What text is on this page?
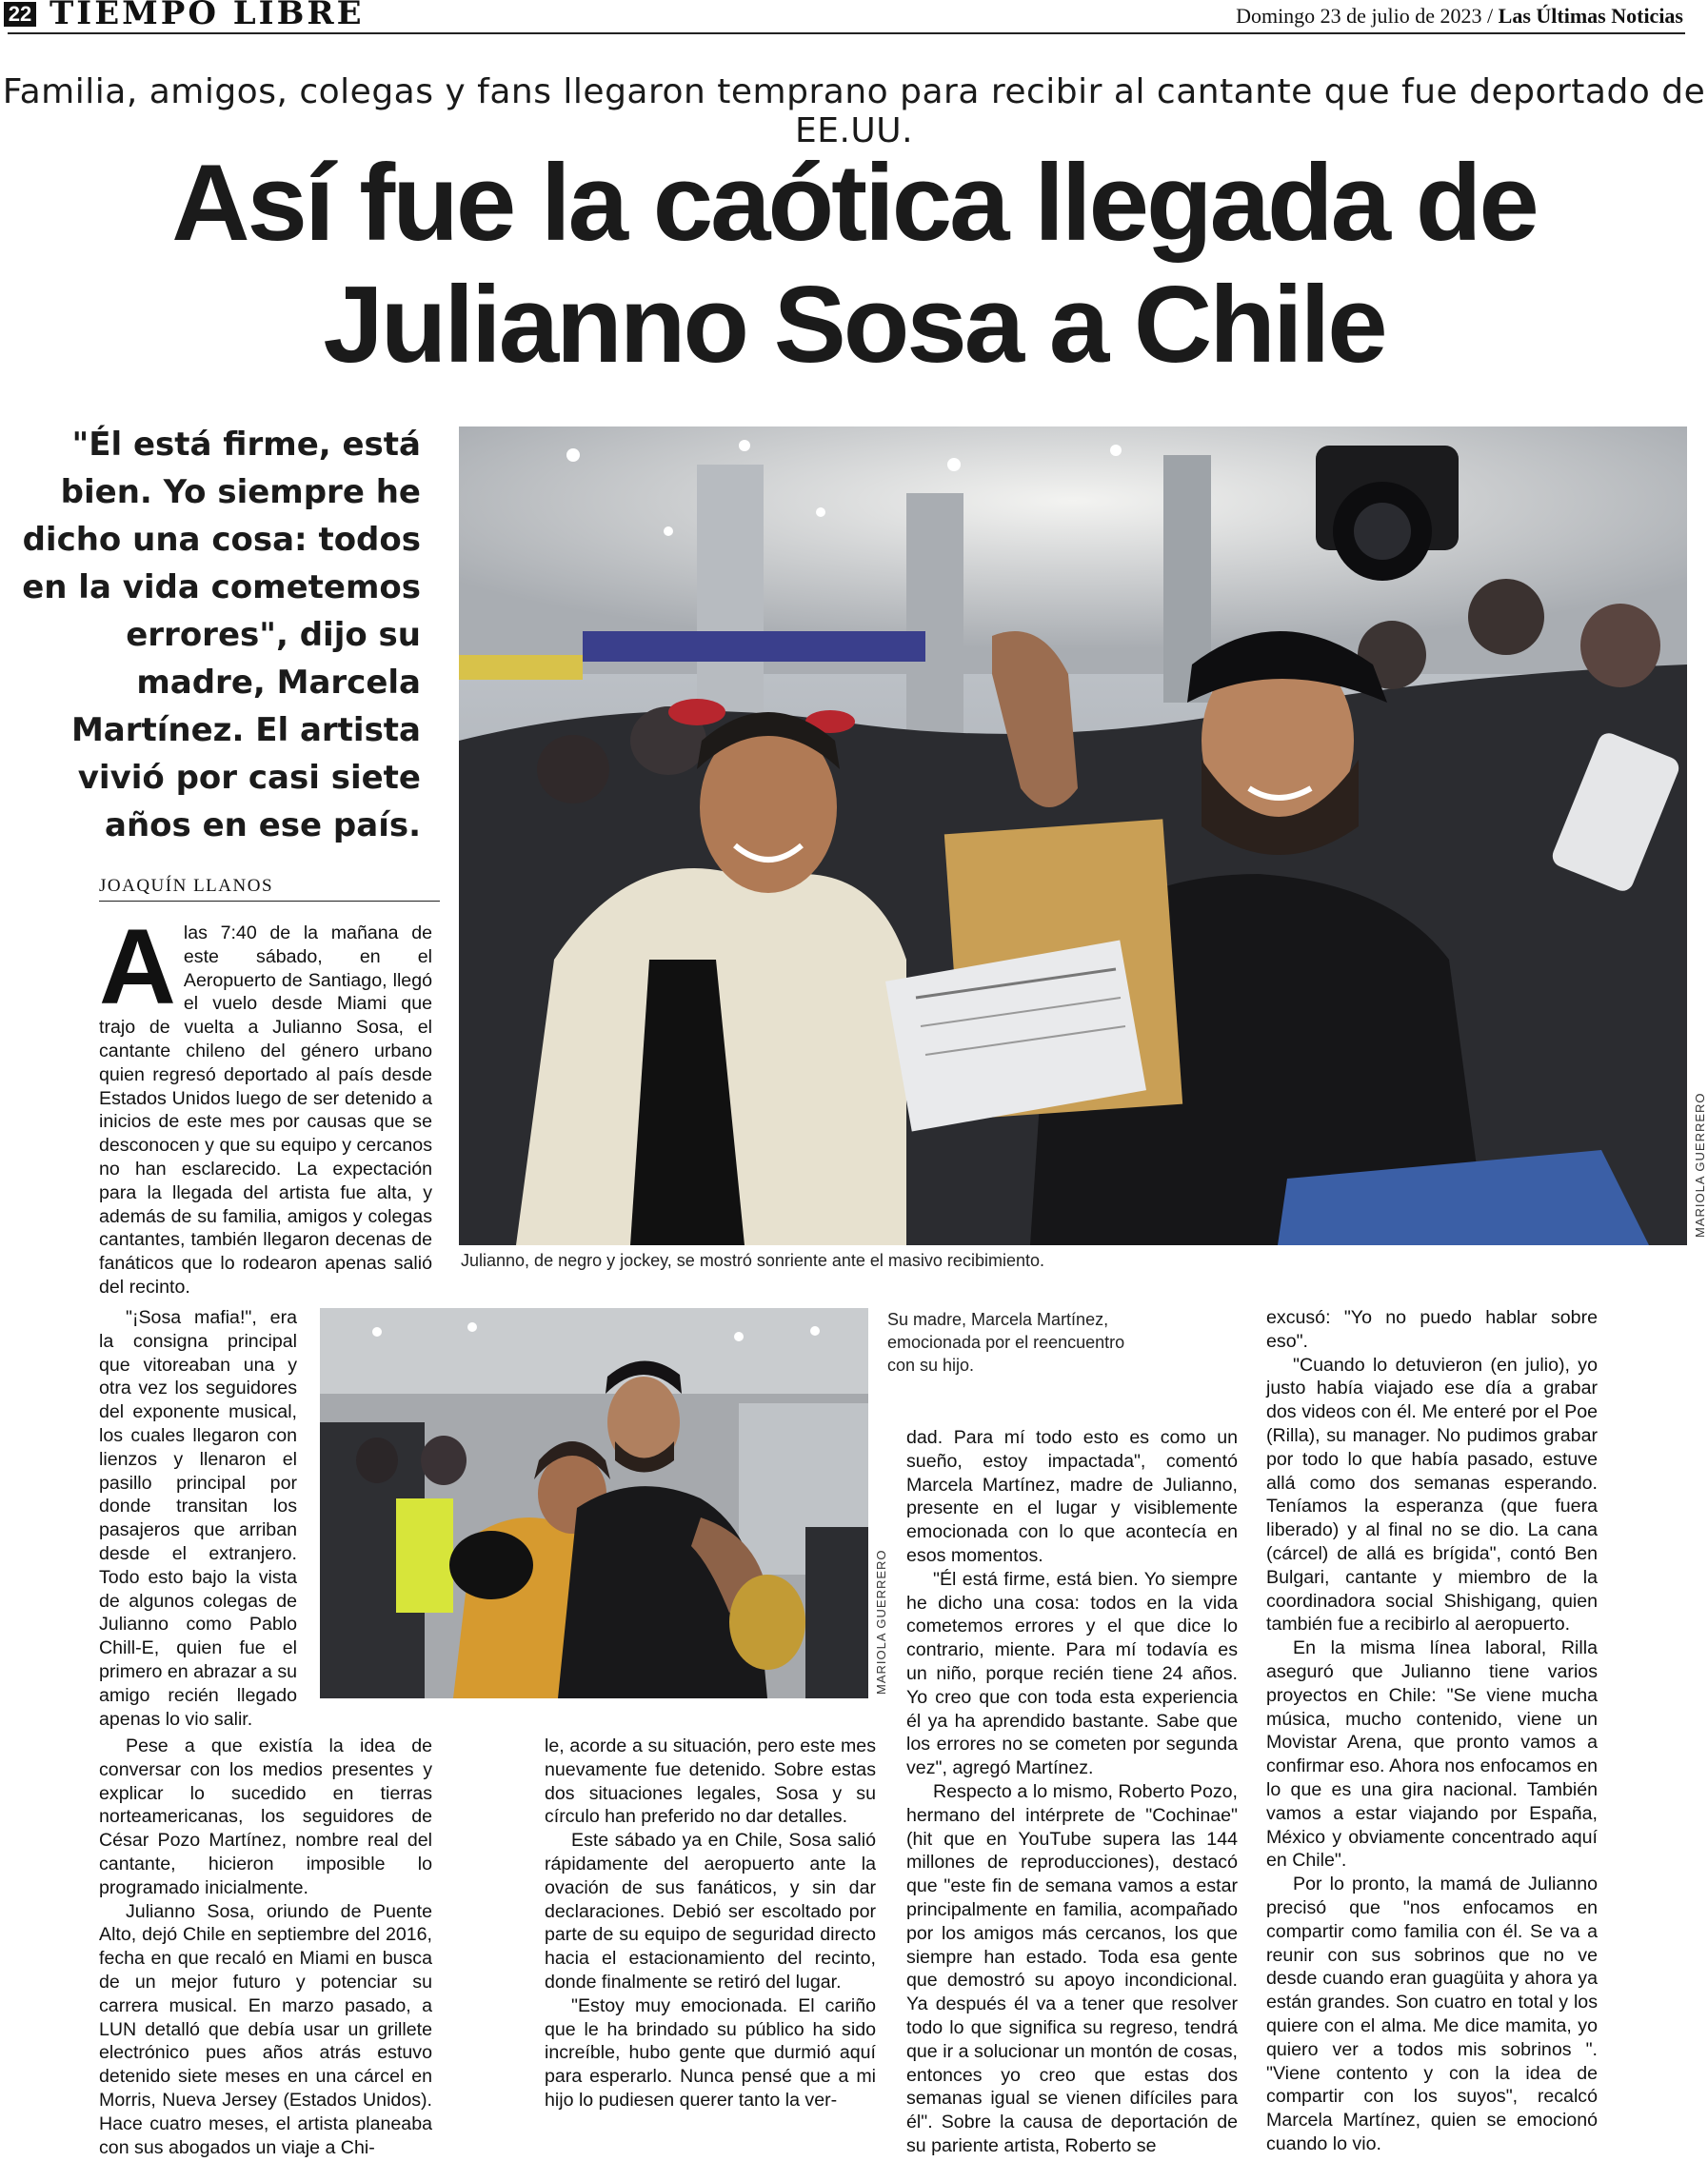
22 TIEMPO LIBRE	Domingo 23 de julio de 2023 / Las Últimas Noticias
Familia, amigos, colegas y fans llegaron temprano para recibir al cantante que fue deportado de EE.UU.
Así fue la caótica llegada de
Julianno Sosa a Chile
"Él está firme, está bien. Yo siempre he dicho una cosa: todos en la vida cometemos errores", dijo su madre, Marcela Martínez. El artista vivió por casi siete años en ese país.
MARIOLA GUERRERO
Julianno, de negro y jockey, se mostró sonriente ante el masivo recibimiento.
MARIOLA GUERRERO
Su madre, Marcela Martínez, emocionada por el reencuentro con su hijo.
JOAQUÍN LLANOS
A las 7:40 de la mañana de este sábado, en el Aeropuerto de Santiago, llegó el vuelo desde Miami que trajo de vuelta a Julianno Sosa, el cantante chileno del género urbano quien regresó deportado al país desde Estados Unidos luego de ser detenido a inicios de este mes por causas que se desconocen y que su equipo y cercanos no han esclarecido. La expectación para la llegada del artista fue alta, y además de su familia, amigos y colegas cantantes, también llegaron decenas de fanáticos que lo rodearon apenas salió del recinto.

"¡Sosa mafia!", era la consigna principal que vitoreaban una y otra vez los seguidores del exponente musical, los cuales llegaron con lienzos y llenaron el pasillo principal por donde transitan los pasajeros que arriban desde el extranjero. Todo esto bajo la vista de algunos colegas de Julianno como Pablo Chill-E, quien fue el primero en abrazar a su amigo recién llegado apenas lo vio salir.

Pese a que existía la idea de conversar con los medios presentes y explicar lo sucedido en tierras norteamericanas, los seguidores de César Pozo Martínez, nombre real del cantante, hicieron imposible lo programado inicialmente.

Julianno Sosa, oriundo de Puente Alto, dejó Chile en septiembre del 2016, fecha en que recaló en Miami en busca de un mejor futuro y potenciar su carrera musical. En marzo pasado, a LUN detalló que debía usar un grillete electrónico pues años atrás estuvo detenido siete meses en una cárcel en Morris, Nueva Jersey (Estados Unidos). Hace cuatro meses, el artista planeaba con sus abogados un viaje a Chi-

le, acorde a su situación, pero este mes nuevamente fue detenido. Sobre estas dos situaciones legales, Sosa y su círculo han preferido no dar detalles.

Este sábado ya en Chile, Sosa salió rápidamente del aeropuerto ante la ovación de sus fanáticos, y sin dar declaraciones. Debió ser escoltado por parte de su equipo de seguridad directo hacia el estacionamiento del recinto, donde finalmente se retiró del lugar.

"Estoy muy emocionada. El cariño que le ha brindado su público ha sido increíble, hubo gente que durmió aquí para esperarlo. Nunca pensé que a mi hijo lo pudiesen querer tanto la ver-

dad. Para mí todo esto es como un sueño, estoy impactada", comentó Marcela Martínez, madre de Julianno, presente en el lugar y visiblemente emocionada con lo que acontecía en esos momentos.

"Él está firme, está bien. Yo siempre he dicho una cosa: todos en la vida cometemos errores y el que dice lo contrario, miente. Para mí todavía es un niño, porque recién tiene 24 años. Yo creo que con toda esta experiencia él ya ha aprendido bastante. Sabe que los errores no se cometen por segunda vez", agregó Martínez.

Respecto a lo mismo, Roberto Pozo, hermano del intérprete de "Cochinae" (hit que en YouTube supera las 144 millones de reproducciones), destacó que "este fin de semana vamos a estar principalmente en familia, acompañado por los amigos más cercanos, los que siempre han estado. Toda esa gente que demostró su apoyo incondicional. Ya después él va a tener que resolver todo lo que significa su regreso, tendrá que ir a solucionar un montón de cosas, entonces yo creo que estas dos semanas igual se vienen difíciles para él". Sobre la causa de deportación de su pariente artista, Roberto se

excusó: "Yo no puedo hablar sobre eso".

"Cuando lo detuvieron (en julio), yo justo había viajado ese día a grabar dos videos con él. Me enteré por el Poe (Rilla), su manager. No pudimos grabar por todo lo que había pasado, estuve allá como dos semanas esperando. Teníamos la esperanza (que fuera liberado) y al final no se dio. La cana (cárcel) de allá es brígida", contó Ben Bulgari, cantante y miembro de la coordinadora social Shishigang, quien también fue a recibirlo al aeropuerto.

En la misma línea laboral, Rilla aseguró que Julianno tiene varios proyectos en Chile: "Se viene mucha música, mucho contenido, viene un Movistar Arena, que pronto vamos a confirmar eso. Ahora nos enfocamos en lo que es una gira nacional. También vamos a estar viajando por España, México y obviamente concentrado aquí en Chile".

Por lo pronto, la mamá de Julianno precisó que "nos enfocamos en compartir como familia con él. Se va a reunir con sus sobrinos que no ve desde cuando eran guagüita y ahora ya están grandes. Son cuatro en total y los quiere con el alma. Me dice mamita, yo quiero ver a todos mis sobrinos ". "Viene contento y con la idea de compartir con los suyos", recalcó Marcela Martínez, quien se emocionó cuando lo vio.
